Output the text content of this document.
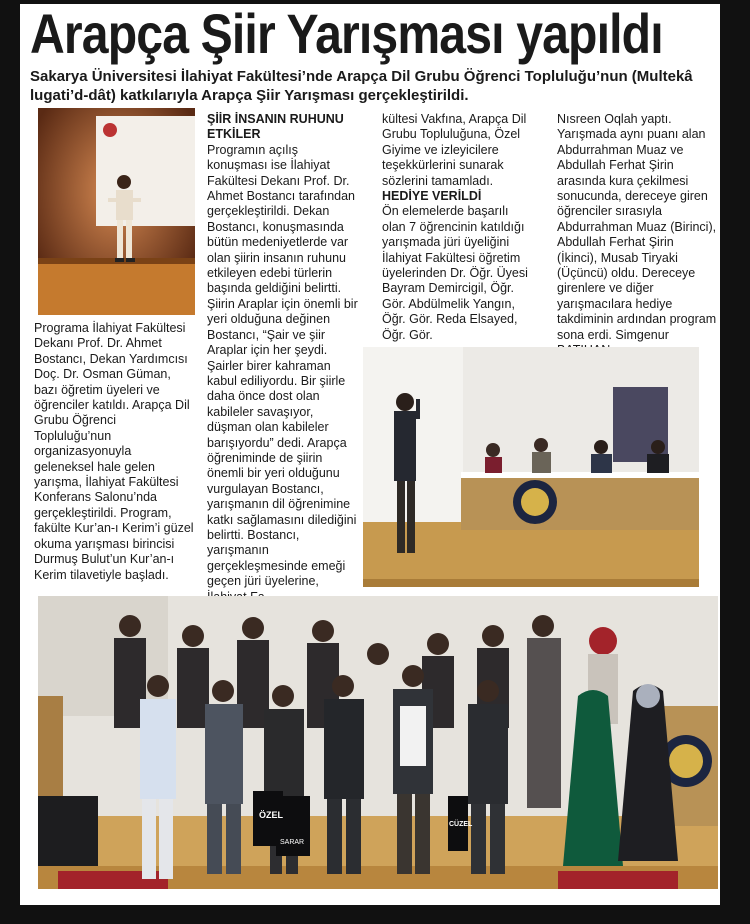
Arapça Şiir Yarışması yapıldı
Sakarya Üniversitesi İlahiyat Fakültesi’nde Arapça Dil Grubu Öğrenci Topluluğu’nun (Multekâ lugati’d-dât) katkılarıyla Arapça Şiir Yarışması gerçekleştirildi.
Programa İlahiyat Fakültesi Dekanı Prof. Dr. Ahmet Bostancı, Dekan Yardımcısı Doç. Dr. Osman Güman, bazı öğretim üyeleri ve öğrenciler katıldı. Arapça Dil Grubu Öğrenci Topluluğu’nun organizasyonuyla geleneksel hale gelen yarışma, İlahiyat Fakültesi Konferans Salonu’nda gerçekleştirildi. Program, fakülte Kur’an-ı Kerim’i güzel okuma yarışması birincisi Durmuş Bulut’un Kur’an-ı Kerim tilavetiyle başladı.
ŞİİR İNSANIN RUHUNU ETKİLER
Programın açılış konuşması ise İlahiyat Fakültesi Dekanı Prof. Dr. Ahmet Bostancı tarafından gerçekleştirildi. Dekan Bostancı, konuşmasında bütün medeniyetlerde var olan şiirin insanın ruhunu etkileyen edebi türlerin başında geldiğini belirtti. Şiirin Araplar için önemli bir yeri olduğuna değinen Bostancı, “Şair ve şiir Araplar için her şeydi. Şairler birer kahraman kabul ediliyordu. Bir şiirle daha önce dost olan kabileler savaşıyor, düşman olan kabileler barışıyordu” dedi. Arapça öğreniminde de şiirin önemli bir yeri olduğunu vurgulayan Bostancı, yarışmanın dil öğrenimine katkı sağlamasını dilediğini belirtti. Bostancı, yarışmanın gerçekleşmesinde emeği geçen jüri üyelerine,
kültesi Vakfına, Arapça Dil Grubu Topluluğuna, Özel Giyime ve izleyicilere teşekkürlerini sunarak sözlerini tamamladı.
HEDİYE VERİLDİ
Ön elemelerde başarılı olan 7 öğrencinin katıldığı yarışmada jüri üyeliğini İlahiyat Fakültesi öğretim üyelerinden Dr. Öğr. Üyesi Bayram Demircigil, Öğr. Gör. Abdülmelik Yangın, Öğr. Gör. Reda Elsayed, Öğr. Gör.
Nısreen Oqlah yaptı. Yarışmada aynı puanı alan Abdurrahman Muaz ve Abdullah Ferhat Şirin arasında kura çekilmesi sonucunda, dereceye giren öğrenciler sırasıyla Abdurrahman Muaz (Birinci), Abdullah Ferhat Şirin (İkinci), Musab Tiryaki (Üçüncü) oldu. Dereceye girenlere ve diğer yarışmacılara hediye takdiminin ardından program sona erdi. Simgenur
ÖZEL
SARAR
CÜZEL
